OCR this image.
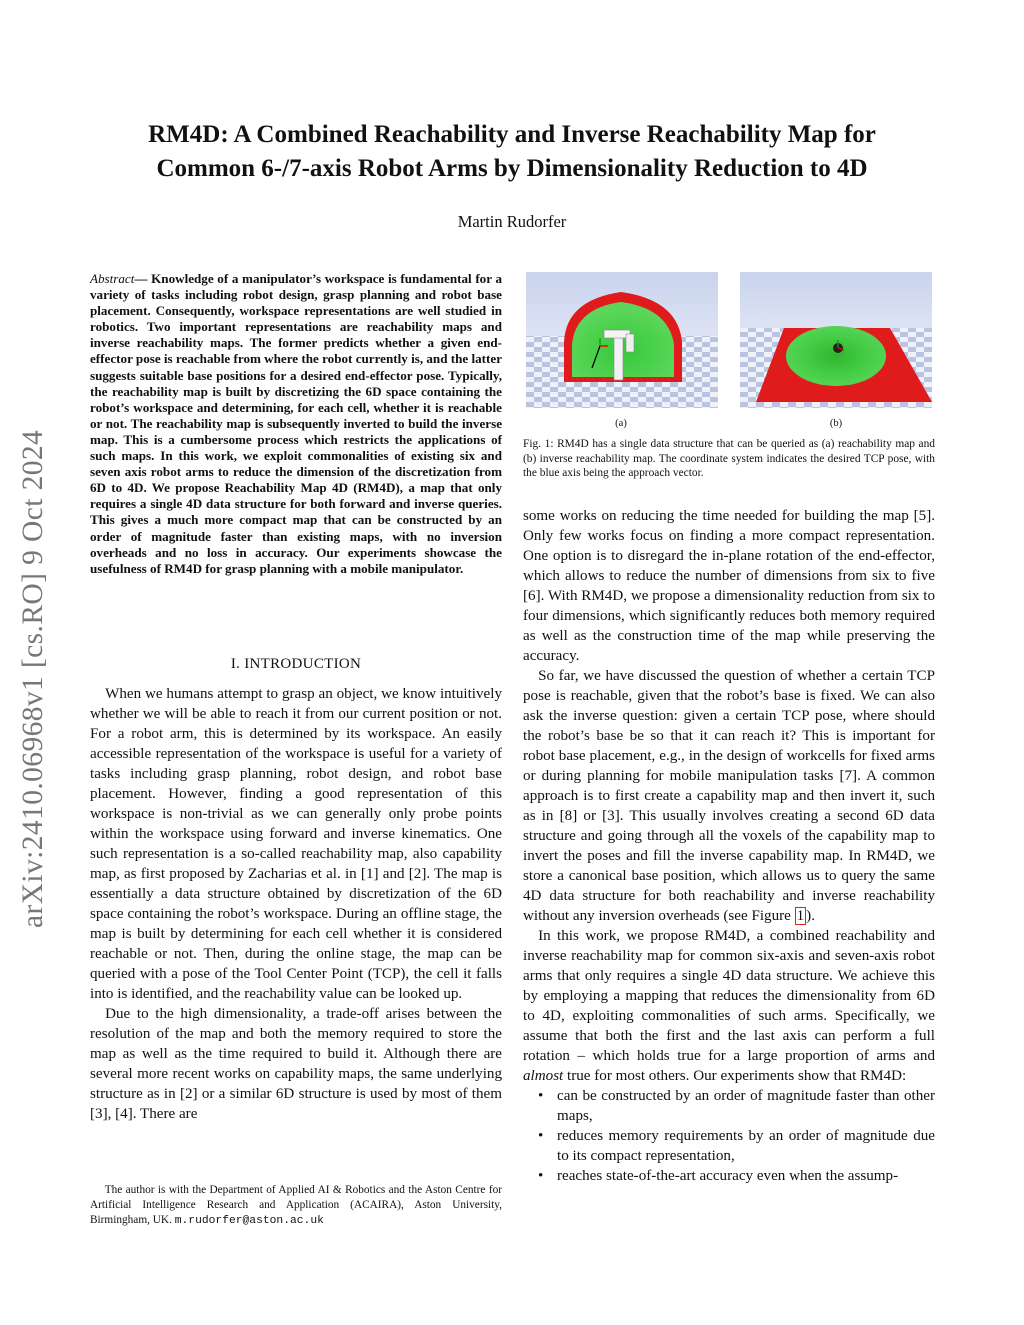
RM4D: A Combined Reachability and Inverse Reachability Map for
Common 6-/7-axis Robot Arms by Dimensionality Reduction to 4D
Martin Rudorfer
arXiv:2410.06968v1 [cs.RO] 9 Oct 2024
Abstract— Knowledge of a manipulator’s workspace is fundamental for a variety of tasks including robot design, grasp planning and robot base placement. Consequently, workspace representations are well studied in robotics. Two important representations are reachability maps and inverse reachability maps. The former predicts whether a given end-effector pose is reachable from where the robot currently is, and the latter suggests suitable base positions for a desired end-effector pose. Typically, the reachability map is built by discretizing the 6D space containing the robot’s workspace and determining, for each cell, whether it is reachable or not. The reachability map is subsequently inverted to build the inverse map. This is a cumbersome process which restricts the applications of such maps. In this work, we exploit commonalities of existing six and seven axis robot arms to reduce the dimension of the discretization from 6D to 4D. We propose Reachability Map 4D (RM4D), a map that only requires a single 4D data structure for both forward and inverse queries. This gives a much more compact map that can be constructed by an order of magnitude faster than existing maps, with no inversion overheads and no loss in accuracy. Our experiments showcase the usefulness of RM4D for grasp planning with a mobile manipulator.
I. INTRODUCTION

When we humans attempt to grasp an object, we know intuitively whether we will be able to reach it from our current position or not. For a robot arm, this is determined by its workspace. An easily accessible representation of the workspace is useful for a variety of tasks including grasp planning, robot design, and robot base placement. However, finding a good representation of this workspace is non-trivial as we can generally only probe points within the workspace using forward and inverse kinematics. One such representation is a so-called reachability map, also capability map, as first proposed by Zacharias et al. in [1] and [2]. The map is essentially a data structure obtained by discretization of the 6D space containing the robot’s workspace. During an offline stage, the map is built by determining for each cell whether it is considered reachable or not. Then, during the online stage, the map can be queried with a pose of the Tool Center Point (TCP), the cell it falls into is identified, and the reachability value can be looked up.

Due to the high dimensionality, a trade-off arises between the resolution of the map and both the memory required to store the map as well as the time required to build it. Although there are several more recent works on capability maps, the same underlying structure as in [2] or a similar 6D structure is used by most of them [3], [4]. There are

The author is with the Department of Applied AI & Robotics and the Aston Centre for Artificial Intelligence Research and Application (ACAIRA), Aston University, Birmingham, UK. m.rudorfer@aston.ac.uk

(a)	(b)
Fig. 1: RM4D has a single data structure that can be queried as (a) reachability map and (b) inverse reachability map. The coordinate system indicates the desired TCP pose, with the blue axis being the approach vector.

some works on reducing the time needed for building the map [5]. Only few works focus on finding a more compact representation. One option is to disregard the in-plane rotation of the end-effector, which allows to reduce the number of dimensions from six to five [6]. With RM4D, we propose a dimensionality reduction from six to four dimensions, which significantly reduces both memory required as well as the construction time of the map while preserving the accuracy.

So far, we have discussed the question of whether a certain TCP pose is reachable, given that the robot’s base is fixed. We can also ask the inverse question: given a certain TCP pose, where should the robot’s base be so that it can reach it? This is important for robot base placement, e.g., in the design of workcells for fixed arms or during planning for mobile manipulation tasks [7]. A common approach is to first create a capability map and then invert it, such as in [8] or [3]. This usually involves creating a second 6D data structure and going through all the voxels of the capability map to invert the poses and fill the inverse capability map. In RM4D, we store a canonical base position, which allows us to query the same 4D data structure for both reachability and inverse reachability without any inversion overheads (see Figure 1 ).

In this work, we propose RM4D, a combined reachability and inverse reachability map for common six-axis and seven-axis robot arms that only requires a single 4D data structure. We achieve this by employing a mapping that reduces the dimensionality from 6D to 4D, exploiting commonalities of such arms. Specifically, we assume that both the first and the last axis can perform a full rotation – which holds true for a large proportion of arms and almost true for most others. Our experiments show that RM4D:

• can be constructed by an order of magnitude faster than other maps,
• reduces memory requirements by an order of magnitude due to its compact representation,
• reaches state-of-the-art accuracy even when the assump-
